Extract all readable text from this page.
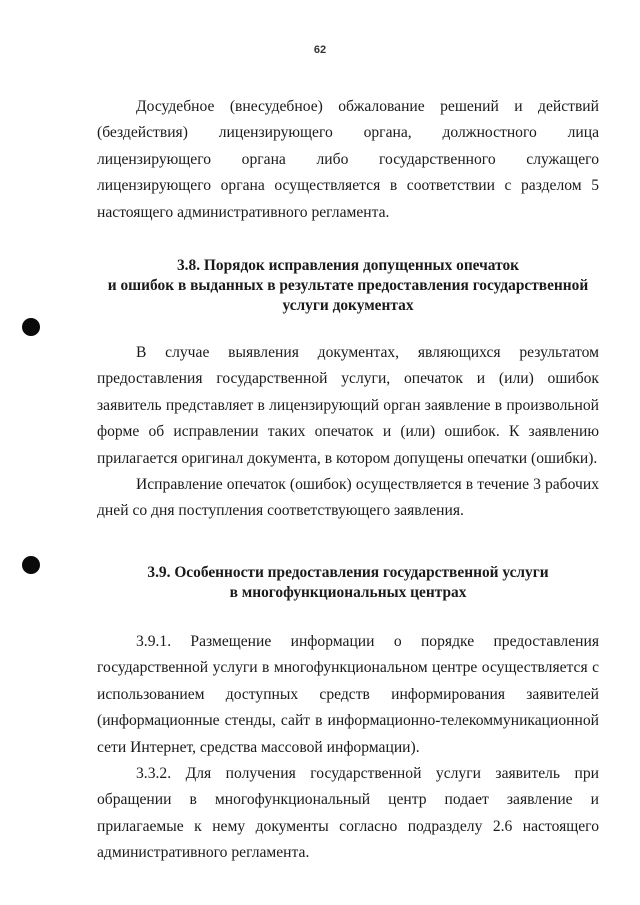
62

Досудебное (внесудебное) обжалование решений и действий (бездействия) лицензирующего органа, должностного лица лицензирующего органа либо государственного служащего лицензирующего органа осуществляется в соответствии с разделом 5 настоящего административного регламента.

3.8. Порядок исправления допущенных опечаток
и ошибок в выданных в результате предоставления государственной
услуги документах

В случае выявления документах, являющихся результатом предоставления государственной услуги, опечаток и (или) ошибок заявитель представляет в лицензирующий орган заявление в произвольной форме об исправлении таких опечаток и (или) ошибок. К заявлению прилагается оригинал документа, в котором допущены опечатки (ошибки).

Исправление опечаток (ошибок) осуществляется в течение 3 рабочих дней со дня поступления соответствующего заявления.

3.9. Особенности предоставления государственной услуги
в многофункциональных центрах

3.9.1. Размещение информации о порядке предоставления государственной услуги в многофункциональном центре осуществляется с использованием доступных средств информирования заявителей (информационные стенды, сайт в информационно-телекоммуникационной сети Интернет, средства массовой информации).

3.3.2. Для получения государственной услуги заявитель при обращении в многофункциональный центр подает заявление и прилагаемые к нему документы согласно подразделу 2.6 настоящего административного регламента.
